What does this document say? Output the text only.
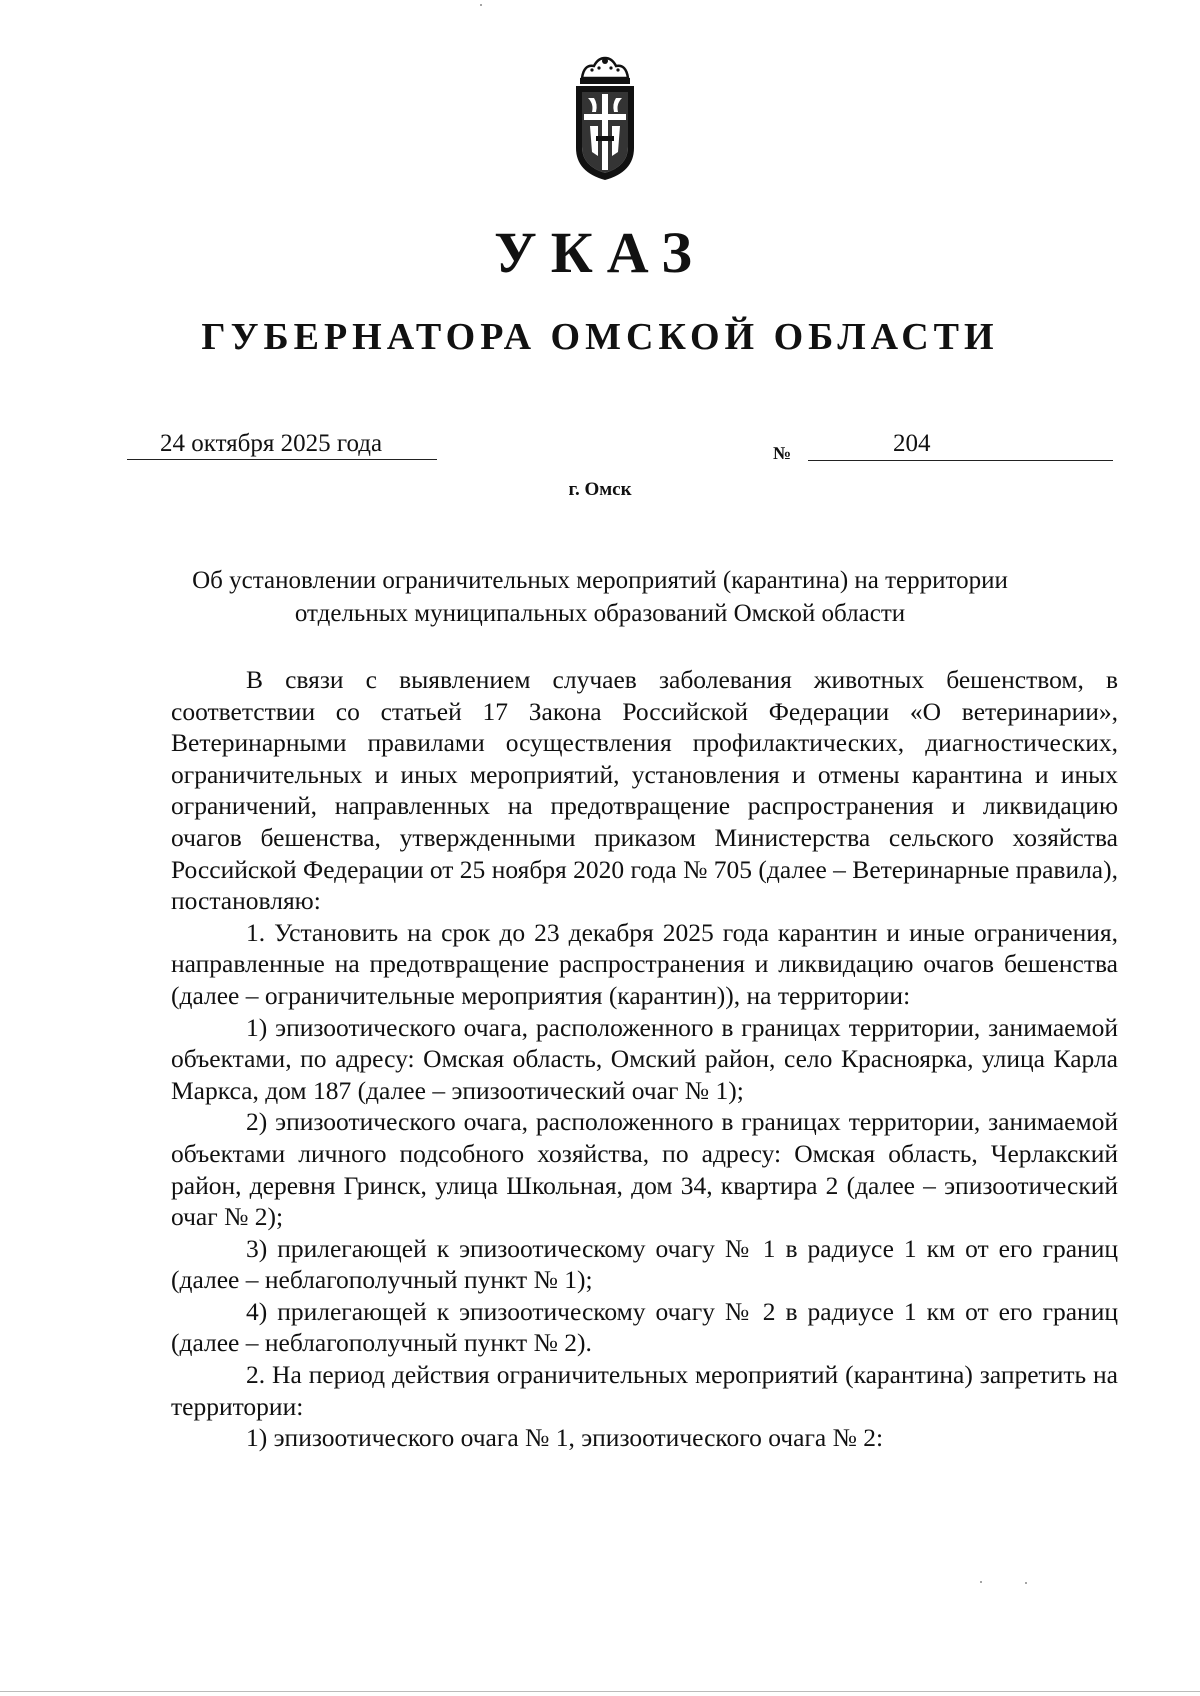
УКАЗ
ГУБЕРНАТОРА ОМСКОЙ ОБЛАСТИ
24 октября 2025 года	№	204
г. Омск
Об установлении ограничительных мероприятий (карантина) на территории отдельных муниципальных образований Омской области

В связи с выявлением случаев заболевания животных бешенством, в соответствии со статьей 17 Закона Российской Федерации «О ветеринарии», Ветеринарными правилами осуществления профилактических, диагностических, ограничительных и иных мероприятий, установления и отмены карантина и иных ограничений, направленных на предотвращение распространения и ликвидацию очагов бешенства, утвержденными приказом Министерства сельского хозяйства Российской Федерации от 25 ноября 2020 года № 705 (далее – Ветеринарные правила), постановляю:

1. Установить на срок до 23 декабря 2025 года карантин и иные ограничения, направленные на предотвращение распространения и ликвидацию очагов бешенства (далее – ограничительные мероприятия (карантин)), на территории:

1) эпизоотического очага, расположенного в границах территории, занимаемой объектами, по адресу: Омская область, Омский район, село Красноярка, улица Карла Маркса, дом 187 (далее – эпизоотический очаг № 1);

2) эпизоотического очага, расположенного в границах территории, занимаемой объектами личного подсобного хозяйства, по адресу: Омская область, Черлакский район, деревня Гринск, улица Школьная, дом 34, квартира 2 (далее – эпизоотический очаг № 2);

3) прилегающей к эпизоотическому очагу № 1 в радиусе 1 км от его границ (далее – неблагополучный пункт № 1);

4) прилегающей к эпизоотическому очагу № 2 в радиусе 1 км от его границ (далее – неблагополучный пункт № 2).

2. На период действия ограничительных мероприятий (карантина) запретить на территории:

1) эпизоотического очага № 1, эпизоотического очага № 2:
